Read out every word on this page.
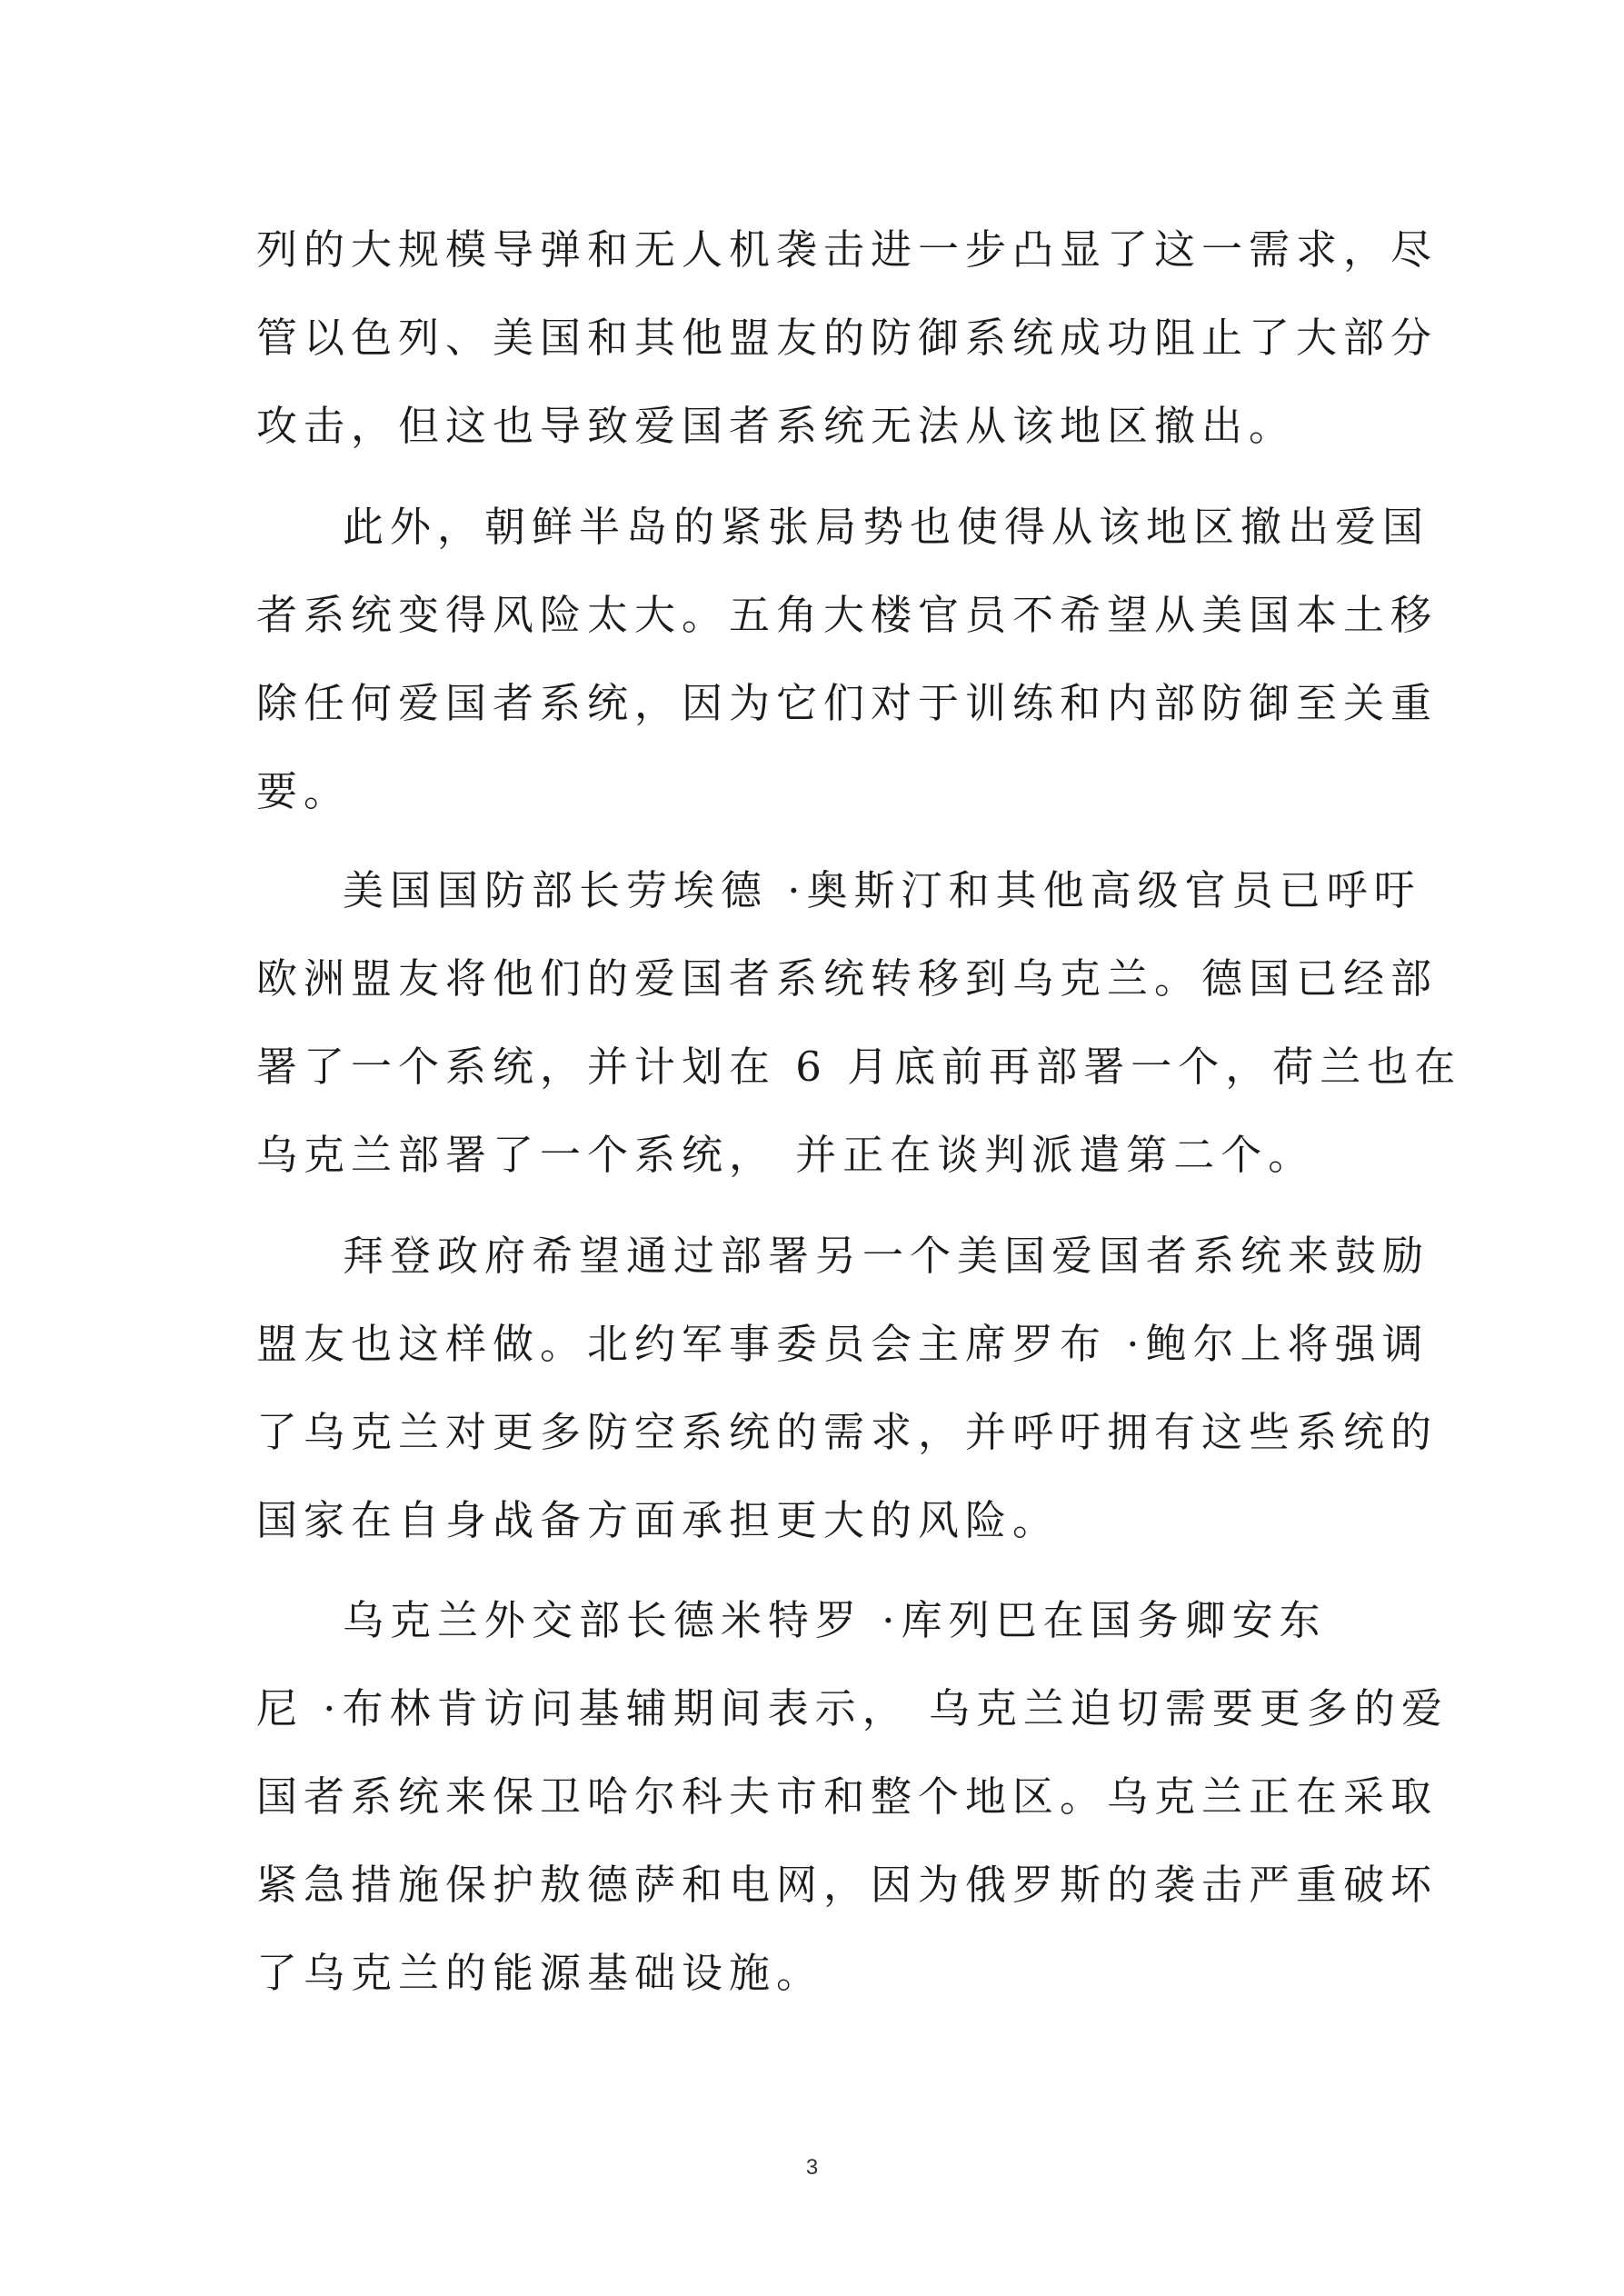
列的大规模导弹和无人机袭击进一步凸显了这一需求，尽
管以色列、美国和其他盟友的防御系统成功阻止了大部分
攻击，但这也导致爱国者系统无法从该地区撤出。
此外，朝鲜半岛的紧张局势也使得从该地区撤出爱国
者系统变得风险太大。五角大楼官员不希望从美国本土移
除任何爱国者系统，因为它们对于训练和内部防御至关重
要。
美国国防部长劳埃德 ·奥斯汀和其他高级官员已呼吁
欧洲盟友将他们的爱国者系统转移到乌克兰。德国已经部
署了一个系统，并计划在 6 月底前再部署一个，荷兰也在
乌克兰部署了一个系统， 并正在谈判派遣第二个。
拜登政府希望通过部署另一个美国爱国者系统来鼓励
盟友也这样做。北约军事委员会主席罗布 ·鲍尔上将强调
了乌克兰对更多防空系统的需求，并呼吁拥有这些系统的
国家在自身战备方面承担更大的风险。
乌克兰外交部长德米特罗 ·库列巴在国务卿安东
尼 ·布林肯访问基辅期间表示， 乌克兰迫切需要更多的爱
国者系统来保卫哈尔科夫市和整个地区。乌克兰正在采取
紧急措施保护敖德萨和电网，因为俄罗斯的袭击严重破坏
了乌克兰的能源基础设施。
3
